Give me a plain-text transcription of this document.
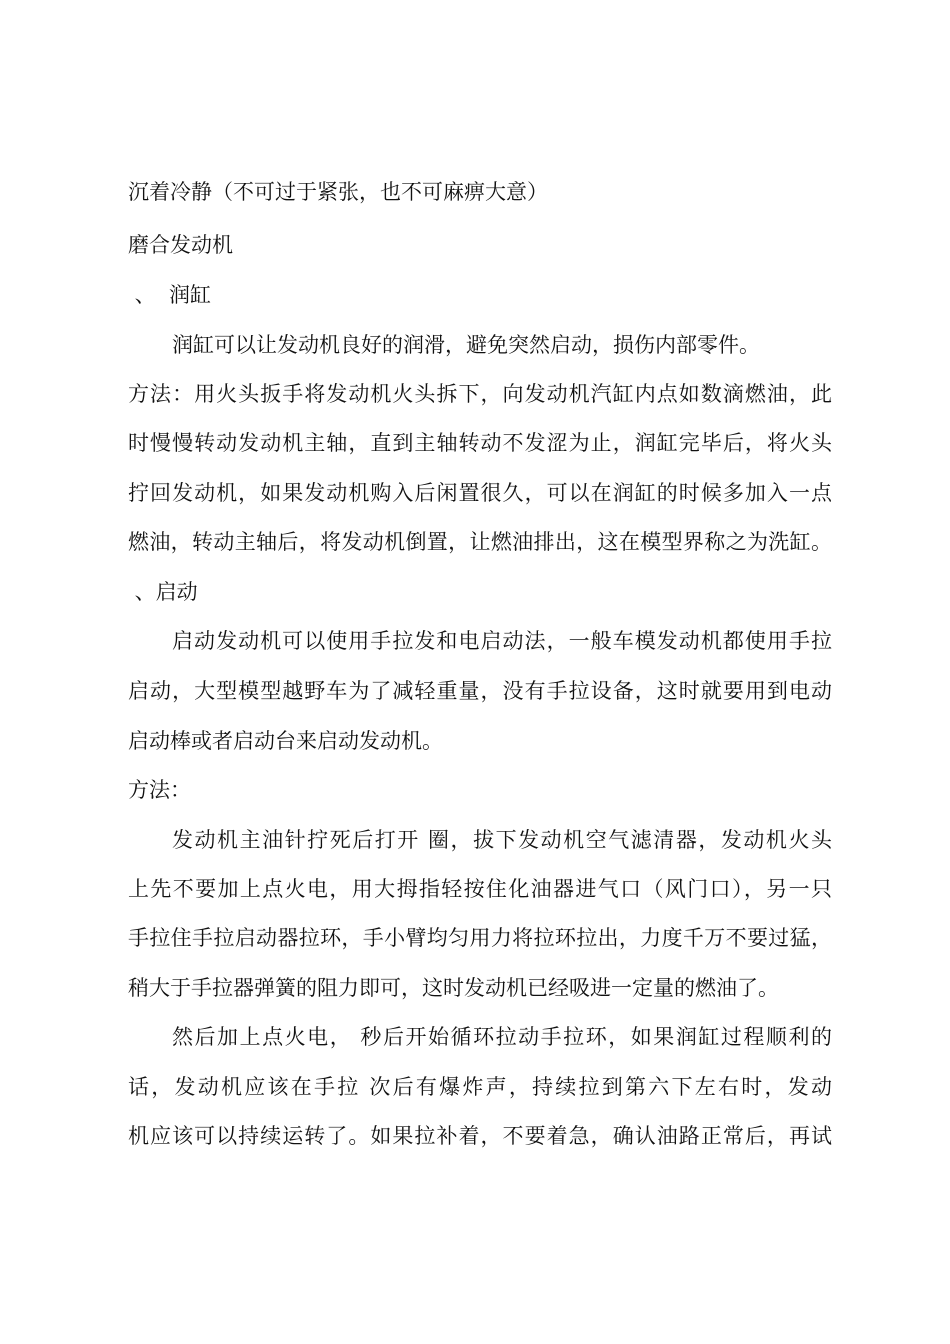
沉着冷静（不可过于紧张，也不可麻痹大意）
磨合发动机
、  润缸
润缸可以让发动机良好的润滑，避免突然启动，损伤内部零件。
方法：用火头扳手将发动机火头拆下，向发动机汽缸内点如数滴燃油，此
时慢慢转动发动机主轴，直到主轴转动不发涩为止，润缸完毕后，将火头
拧回发动机，如果发动机购入后闲置很久，可以在润缸的时候多加入一点
燃油，转动主轴后，将发动机倒置，让燃油排出，这在模型界称之为洗缸。
、启动
启动发动机可以使用手拉发和电启动法，一般车模发动机都使用手拉
启动，大型模型越野车为了减轻重量，没有手拉设备，这时就要用到电动
启动棒或者启动台来启动发动机。
方法：
发动机主油针拧死后打开 圈，拔下发动机空气滤清器，发动机火头
上先不要加上点火电，用大拇指轻按住化油器进气口（风门口），另一只
手拉住手拉启动器拉环，手小臂均匀用力将拉环拉出，力度千万不要过猛，
稍大于手拉器弹簧的阻力即可，这时发动机已经吸进一定量的燃油了。
然后加上点火电， 秒后开始循环拉动手拉环，如果润缸过程顺利的
话，发动机应该在手拉 次后有爆炸声，持续拉到第六下左右时，发动
机应该可以持续运转了。如果拉补着，不要着急，确认油路正常后，再试
